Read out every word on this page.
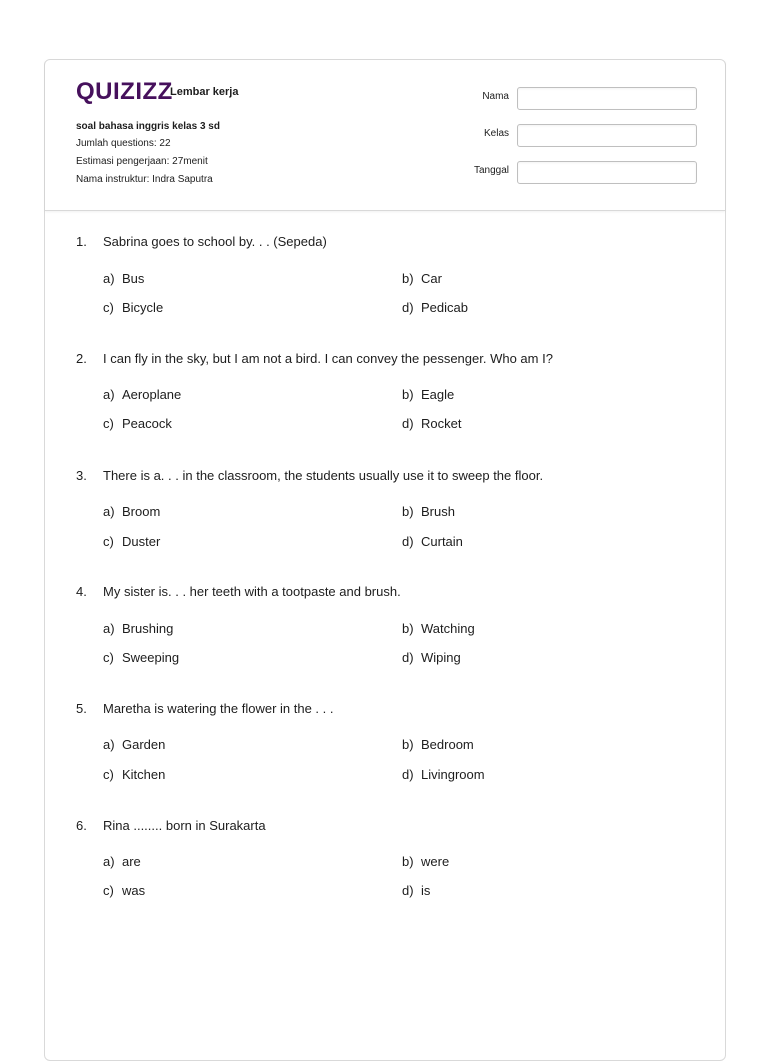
QUIZIZZ
Lembar kerja
soal bahasa inggris kelas 3 sd
Jumlah questions: 22
Estimasi pengerjaan: 27menit
Nama instruktur: Indra Saputra
Nama
Kelas
Tanggal
1. Sabrina goes to school by. . . (Sepeda)
a) Bus	b) Car
c) Bicycle	d) Pedicab
2. I can fly in the sky, but I am not a bird. I can convey the pessenger. Who am I?
a) Aeroplane	b) Eagle
c) Peacock	d) Rocket
3. There is a. . . in the classroom, the students usually use it to sweep the floor.
a) Broom	b) Brush
c) Duster	d) Curtain
4. My sister is. . . her teeth with a tootpaste and brush.
a) Brushing	b) Watching
c) Sweeping	d) Wiping
5. Maretha is watering the flower in the . . .
a) Garden	b) Bedroom
c) Kitchen	d) Livingroom
6. Rina ........ born in Surakarta
a) are	b) were
c) was	d) is
